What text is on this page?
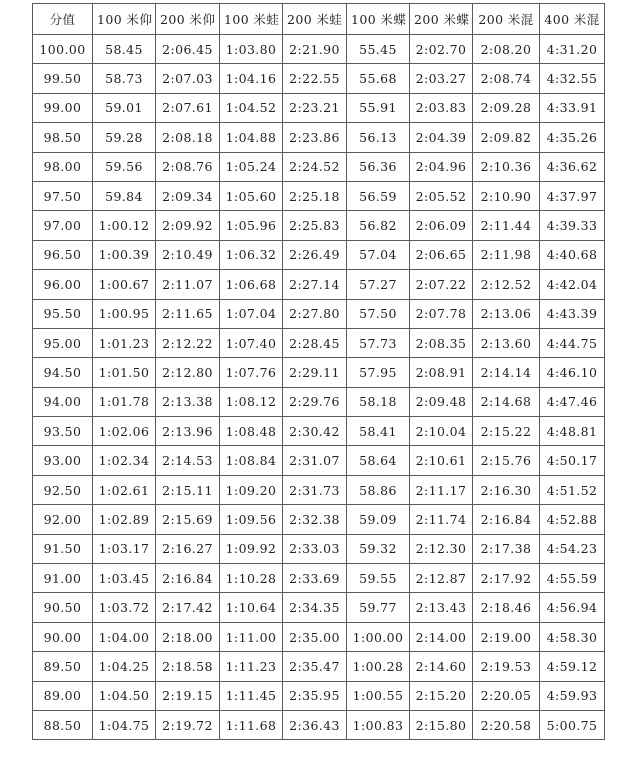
分值	100 米仰	200 米仰	100 米蛙	200 米蛙	100 米蝶	200 米蝶	200 米混	400 米混
100.00	58.45	2:06.45	1:03.80	2:21.90	55.45	2:02.70	2:08.20	4:31.20
99.50	58.73	2:07.03	1:04.16	2:22.55	55.68	2:03.27	2:08.74	4:32.55
99.00	59.01	2:07.61	1:04.52	2:23.21	55.91	2:03.83	2:09.28	4:33.91
98.50	59.28	2:08.18	1:04.88	2:23.86	56.13	2:04.39	2:09.82	4:35.26
98.00	59.56	2:08.76	1:05.24	2:24.52	56.36	2:04.96	2:10.36	4:36.62
97.50	59.84	2:09.34	1:05.60	2:25.18	56.59	2:05.52	2:10.90	4:37.97
97.00	1:00.12	2:09.92	1:05.96	2:25.83	56.82	2:06.09	2:11.44	4:39.33
96.50	1:00.39	2:10.49	1:06.32	2:26.49	57.04	2:06.65	2:11.98	4:40.68
96.00	1:00.67	2:11.07	1:06.68	2:27.14	57.27	2:07.22	2:12.52	4:42.04
95.50	1:00.95	2:11.65	1:07.04	2:27.80	57.50	2:07.78	2:13.06	4:43.39
95.00	1:01.23	2:12.22	1:07.40	2:28.45	57.73	2:08.35	2:13.60	4:44.75
94.50	1:01.50	2:12.80	1:07.76	2:29.11	57.95	2:08.91	2:14.14	4:46.10
94.00	1:01.78	2:13.38	1:08.12	2:29.76	58.18	2:09.48	2:14.68	4:47.46
93.50	1:02.06	2:13.96	1:08.48	2:30.42	58.41	2:10.04	2:15.22	4:48.81
93.00	1:02.34	2:14.53	1:08.84	2:31.07	58.64	2:10.61	2:15.76	4:50.17
92.50	1:02.61	2:15.11	1:09.20	2:31.73	58.86	2:11.17	2:16.30	4:51.52
92.00	1:02.89	2:15.69	1:09.56	2:32.38	59.09	2:11.74	2:16.84	4:52.88
91.50	1:03.17	2:16.27	1:09.92	2:33.03	59.32	2:12.30	2:17.38	4:54.23
91.00	1:03.45	2:16.84	1:10.28	2:33.69	59.55	2:12.87	2:17.92	4:55.59
90.50	1:03.72	2:17.42	1:10.64	2:34.35	59.77	2:13.43	2:18.46	4:56.94
90.00	1:04.00	2:18.00	1:11.00	2:35.00	1:00.00	2:14.00	2:19.00	4:58.30
89.50	1:04.25	2:18.58	1:11.23	2:35.47	1:00.28	2:14.60	2:19.53	4:59.12
89.00	1:04.50	2:19.15	1:11.45	2:35.95	1:00.55	2:15.20	2:20.05	4:59.93
88.50	1:04.75	2:19.72	1:11.68	2:36.43	1:00.83	2:15.80	2:20.58	5:00.75
